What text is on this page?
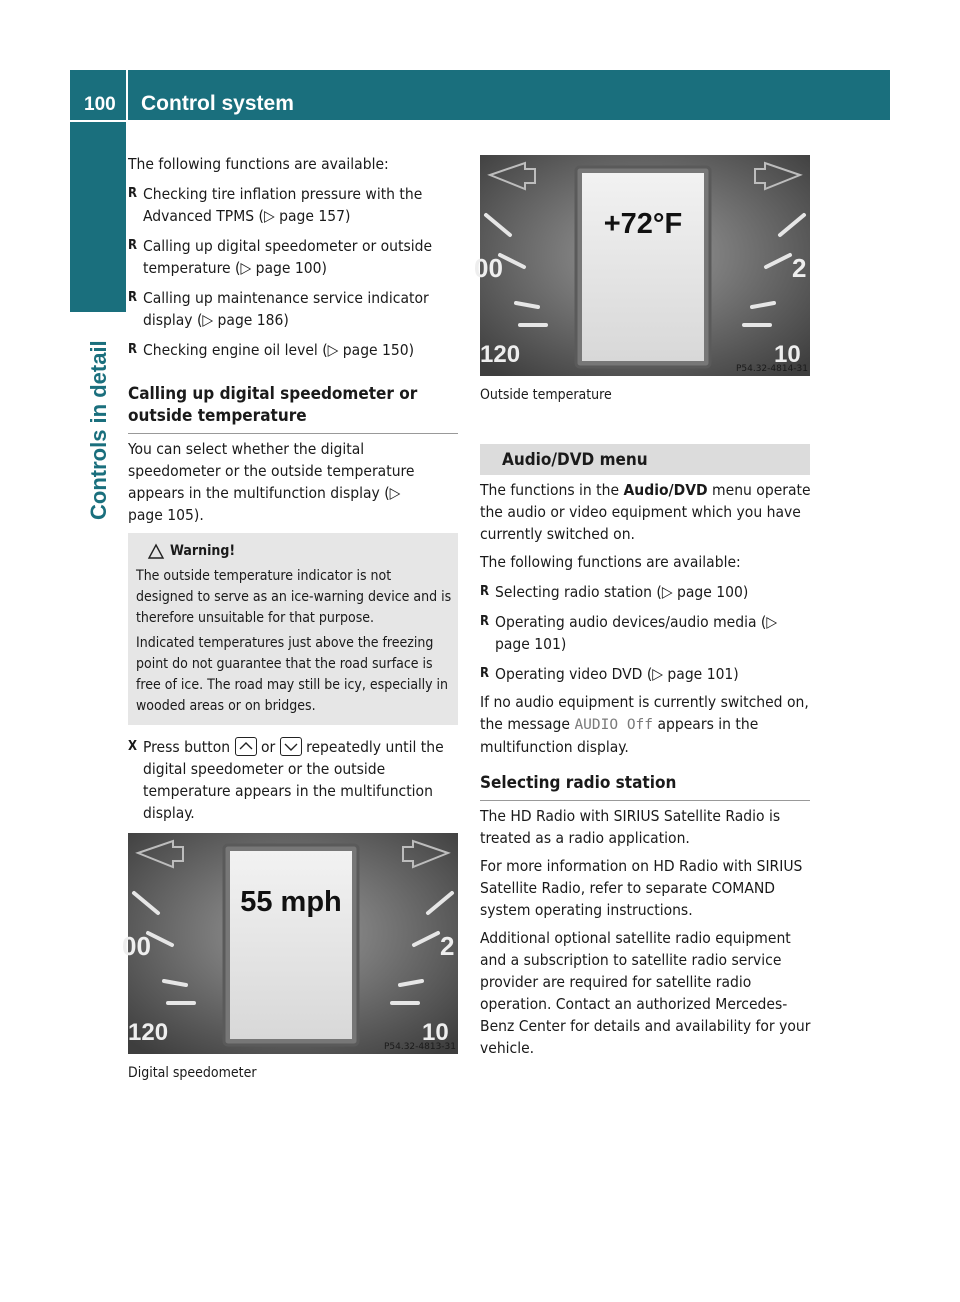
100 Control system
Controls in detail

The following functions are available:

R Checking tire inflation pressure with the Advanced TPMS (▷ page 157)

R Calling up digital speedometer or outside temperature (▷ page 100)

R Calling up maintenance service indicator display (▷ page 186)

R Checking engine oil level (▷ page 150)

Calling up digital speedometer or outside temperature
You can select whether the digital speedometer or the outside temperature appears in the multifunction display (▷ page 105).
Warning!

The outside temperature indicator is not designed to serve as an ice-warning device and is therefore unsuitable for that purpose.

Indicated temperatures just above the freezing point do not guarantee that the road surface is free of ice. The road may still be icy, especially in wooded areas or on bridges.

X Press button or repeatedly until the digital speedometer or the outside temperature appears in the multifunction display.

00	2
120	10
55 mph
P54.32-4813-31
Digital speedometer
00	2
120	10
+72°F
P54.32-4814-31
Outside temperature
Audio/DVD menu

The functions in the Audio/DVD menu operate the audio or video equipment which you have currently switched on.

The following functions are available:

R Selecting radio station (▷ page 100)

R Operating audio devices/audio media (▷ page 101)

R Operating video DVD (▷ page 101)

If no audio equipment is currently switched on, the message AUDIO Off appears in the multifunction display.

Selecting radio station

The HD Radio with SIRIUS Satellite Radio is treated as a radio application.

For more information on HD Radio with SIRIUS Satellite Radio, refer to separate COMAND system operating instructions.

Additional optional satellite radio equipment and a subscription to satellite radio service provider are required for satellite radio operation. Contact an authorized Mercedes-Benz Center for details and availability for your vehicle.
